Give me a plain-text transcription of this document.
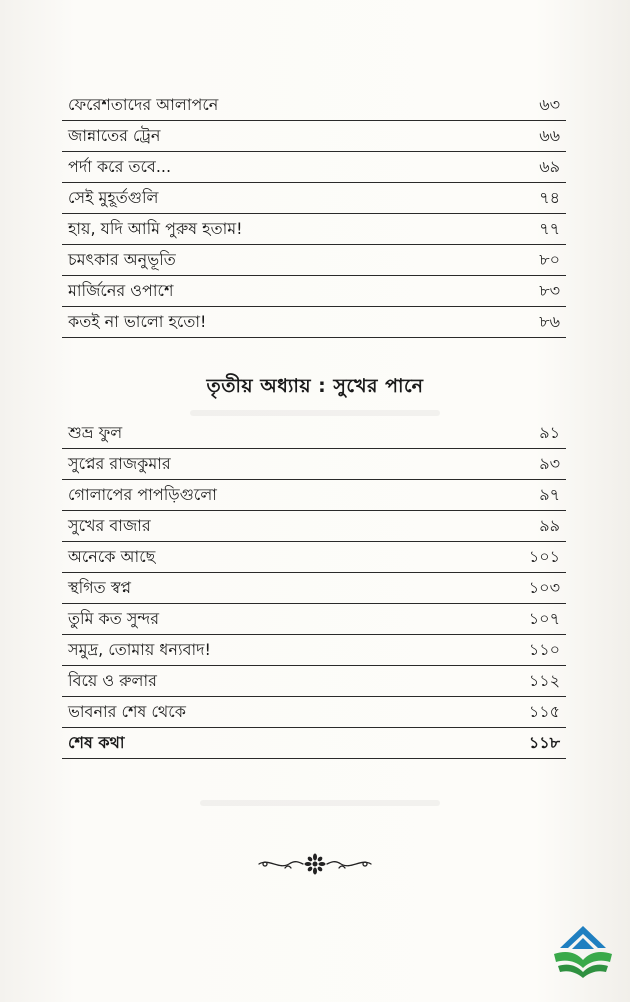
ফেরেশতাদের আলাপনে	৬৩
জান্নাতের ট্রেন	৬৬
পর্দা করে তবে...	৬৯
সেই মুহূর্তগুলি	৭৪
হায়, যদি আমি পুরুষ হতাম!	৭৭
চমৎকার অনুভূতি	৮০
মার্জিনের ওপাশে	৮৩
কতই না ভালো হতো!	৮৬
তৃতীয় অধ্যায় : সুখের পানে
শুভ্র ফুল	৯১
সুপ্নের রাজকুমার	৯৩
গোলাপের পাপড়িগুলো	৯৭
সুখের বাজার	৯৯
অনেকে আছে	১০১
স্থগিত স্বপ্ন	১০৩
তুমি কত সুন্দর	১০৭
সমুদ্র, তোমায় ধন্যবাদ!	১১০
বিয়ে ও রুলার	১১২
ভাবনার শেষ থেকে	১১৫
শেষ কথা	১১৮
